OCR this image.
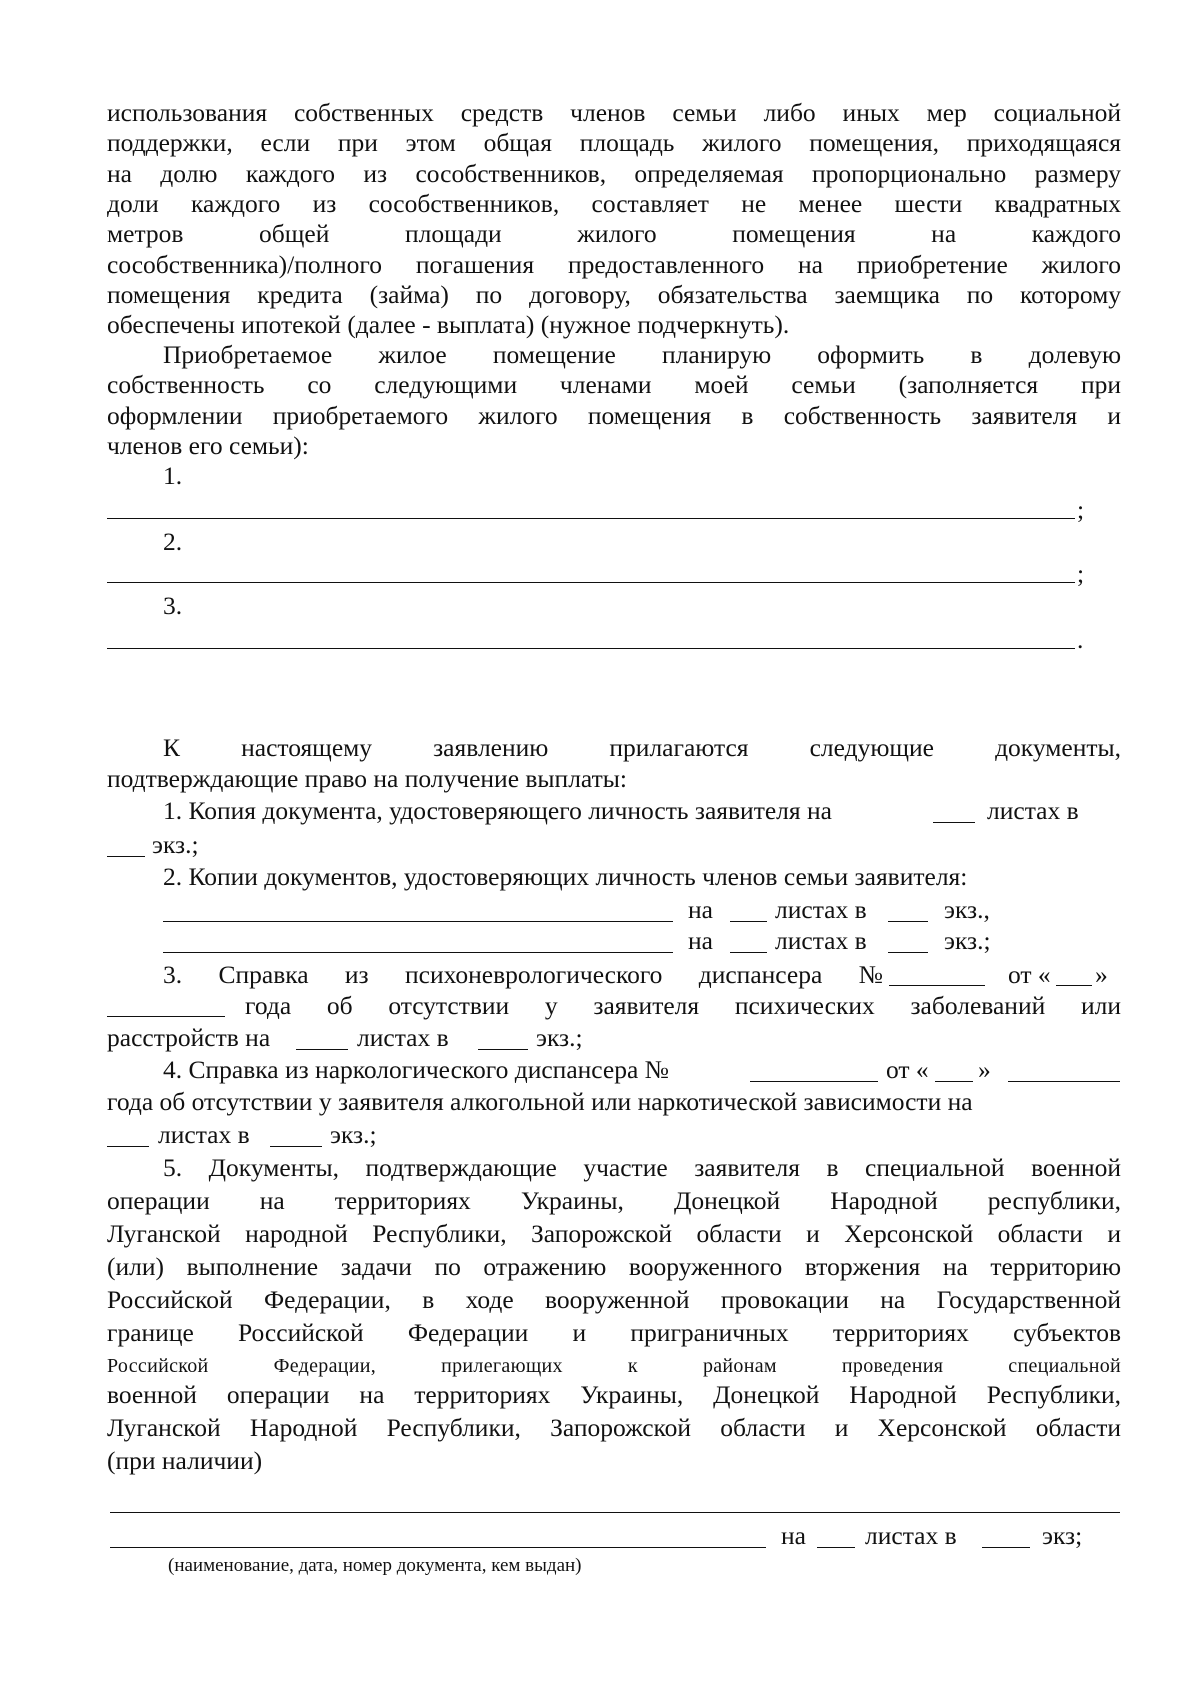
использования собственных средств членов семьи либо иных мер социальной
поддержки, если при этом общая площадь жилого помещения, приходящаяся
на долю каждого из сособственников, определяемая пропорционально размеру
доли каждого из сособственников, составляет не менее шести квадратных
метров общей площади жилого помещения на каждого
сособственника)/полного погашения предоставленного на приобретение жилого
помещения кредита (займа) по договору, обязательства заемщика по которому
обеспечены ипотекой (далее - выплата) (нужное подчеркнуть).
Приобретаемое жилое помещение планирую оформить в долевую
собственность со следующими членами моей семьи (заполняется при
оформлении приобретаемого жилого помещения в собственность заявителя и
членов его семьи):
1.
;
2.
;
3.
.
К настоящему заявлению прилагаются следующие документы,
подтверждающие право на получение выплаты:
1. Копия документа, удостоверяющего личность заявителя на	листах в
экз.;
2. Копии документов, удостоверяющих личность членов семьи заявителя:
на листах в	экз.,
на листах в	экз.;
3. Справка из психоневрологического диспансера №	от « »
года об отсутствии у заявителя психических заболеваний или
расстройств на	листах в	экз.;
4. Справка из наркологического диспансера №	от « »
года об отсутствии у заявителя алкогольной или наркотической зависимости на
листах в	экз.;
5. Документы, подтверждающие участие заявителя в специальной военной
операции на территориях Украины, Донецкой Народной республики,
Луганской народной Республики, Запорожской области и Херсонской области и
(или) выполнение задачи по отражению вооруженного вторжения на территорию
Российской Федерации, в ходе вооруженной провокации на Государственной
границе Российской Федерации и приграничных территориях субъектов
Российской Федерации, прилегающих к районам проведения специальной
военной операции на территориях Украины, Донецкой Народной Республики,
Луганской Народной Республики, Запорожской области и Херсонской области
(при наличии)
на листах в	экз;
(наименование, дата, номер документа, кем выдан)
